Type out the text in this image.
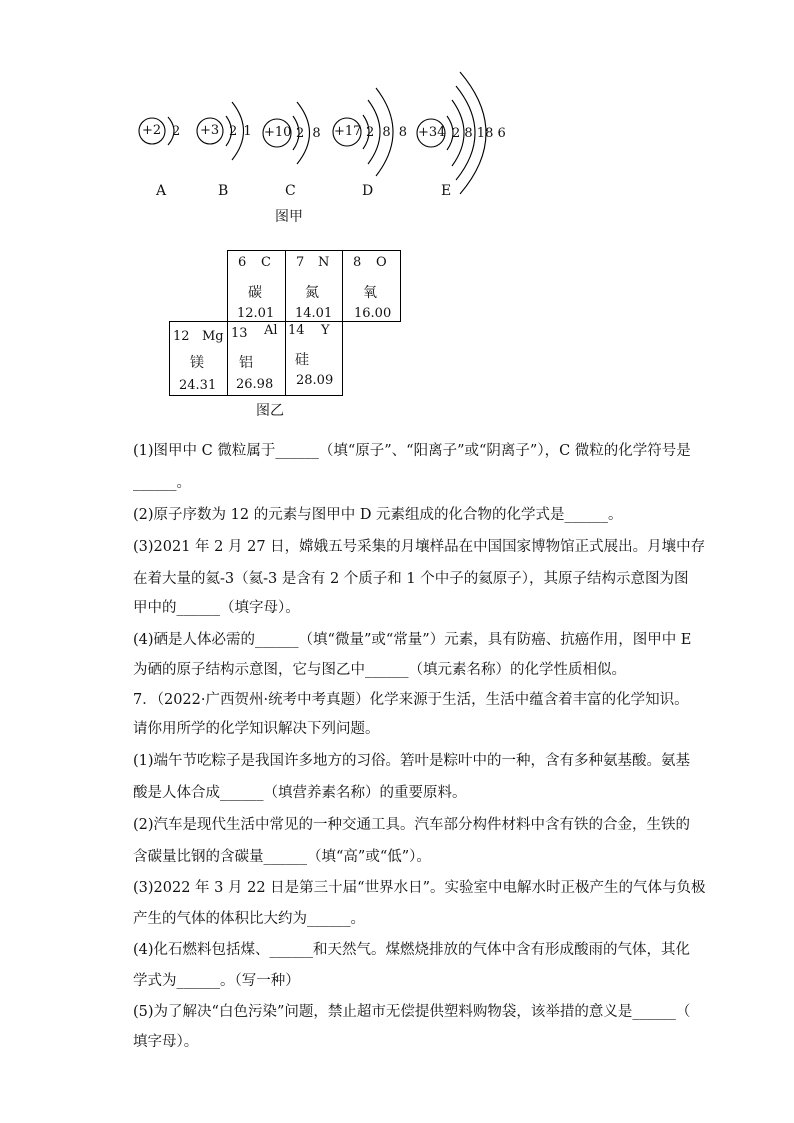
+2	+3	+10	+17	+34
2	2 1	2 8	2 8 8	2 8 18 6
A	B	C	D	E
图甲
6 C
碳
12.01
7 N
氮
14.01
8 O
氧
16.00
12 Mg
镁
24.31
13 Al
铝
26.98
14 Y
硅
28.09
图乙
(1)图甲中 C 微粒属于______（填“原子”、“阳离子”或“阴离子”），C 微粒的化学符号是
______。
(2)原子序数为 12 的元素与图甲中 D 元素组成的化合物的化学式是______。
(3)2021 年 2 月 27 日，嫦娥五号采集的月壤样品在中国国家博物馆正式展出。月壤中存
在着大量的氦-3（氦-3 是含有 2 个质子和 1 个中子的氦原子），其原子结构示意图为图
甲中的______（填字母）。
(4)硒是人体必需的______（填“微量”或“常量”）元素，具有防癌、抗癌作用，图甲中 E
为硒的原子结构示意图，它与图乙中______（填元素名称）的化学性质相似。
7．（2022·广西贺州·统考中考真题）化学来源于生活，生活中蕴含着丰富的化学知识。
请你用所学的化学知识解决下列问题。
(1)端午节吃粽子是我国许多地方的习俗。箬叶是粽叶中的一种，含有多种氨基酸。氨基
酸是人体合成______（填营养素名称）的重要原料。
(2)汽车是现代生活中常见的一种交通工具。汽车部分构件材料中含有铁的合金，生铁的
含碳量比钢的含碳量______（填“高”或“低”）。
(3)2022 年 3 月 22 日是第三十届“世界水日”。实验室中电解水时正极产生的气体与负极
产生的气体的体积比大约为______。
(4)化石燃料包括煤、______和天然气。煤燃烧排放的气体中含有形成酸雨的气体，其化
学式为______。（写一种）
(5)为了解决“白色污染”问题，禁止超市无偿提供塑料购物袋，该举措的意义是______（
填字母）。
